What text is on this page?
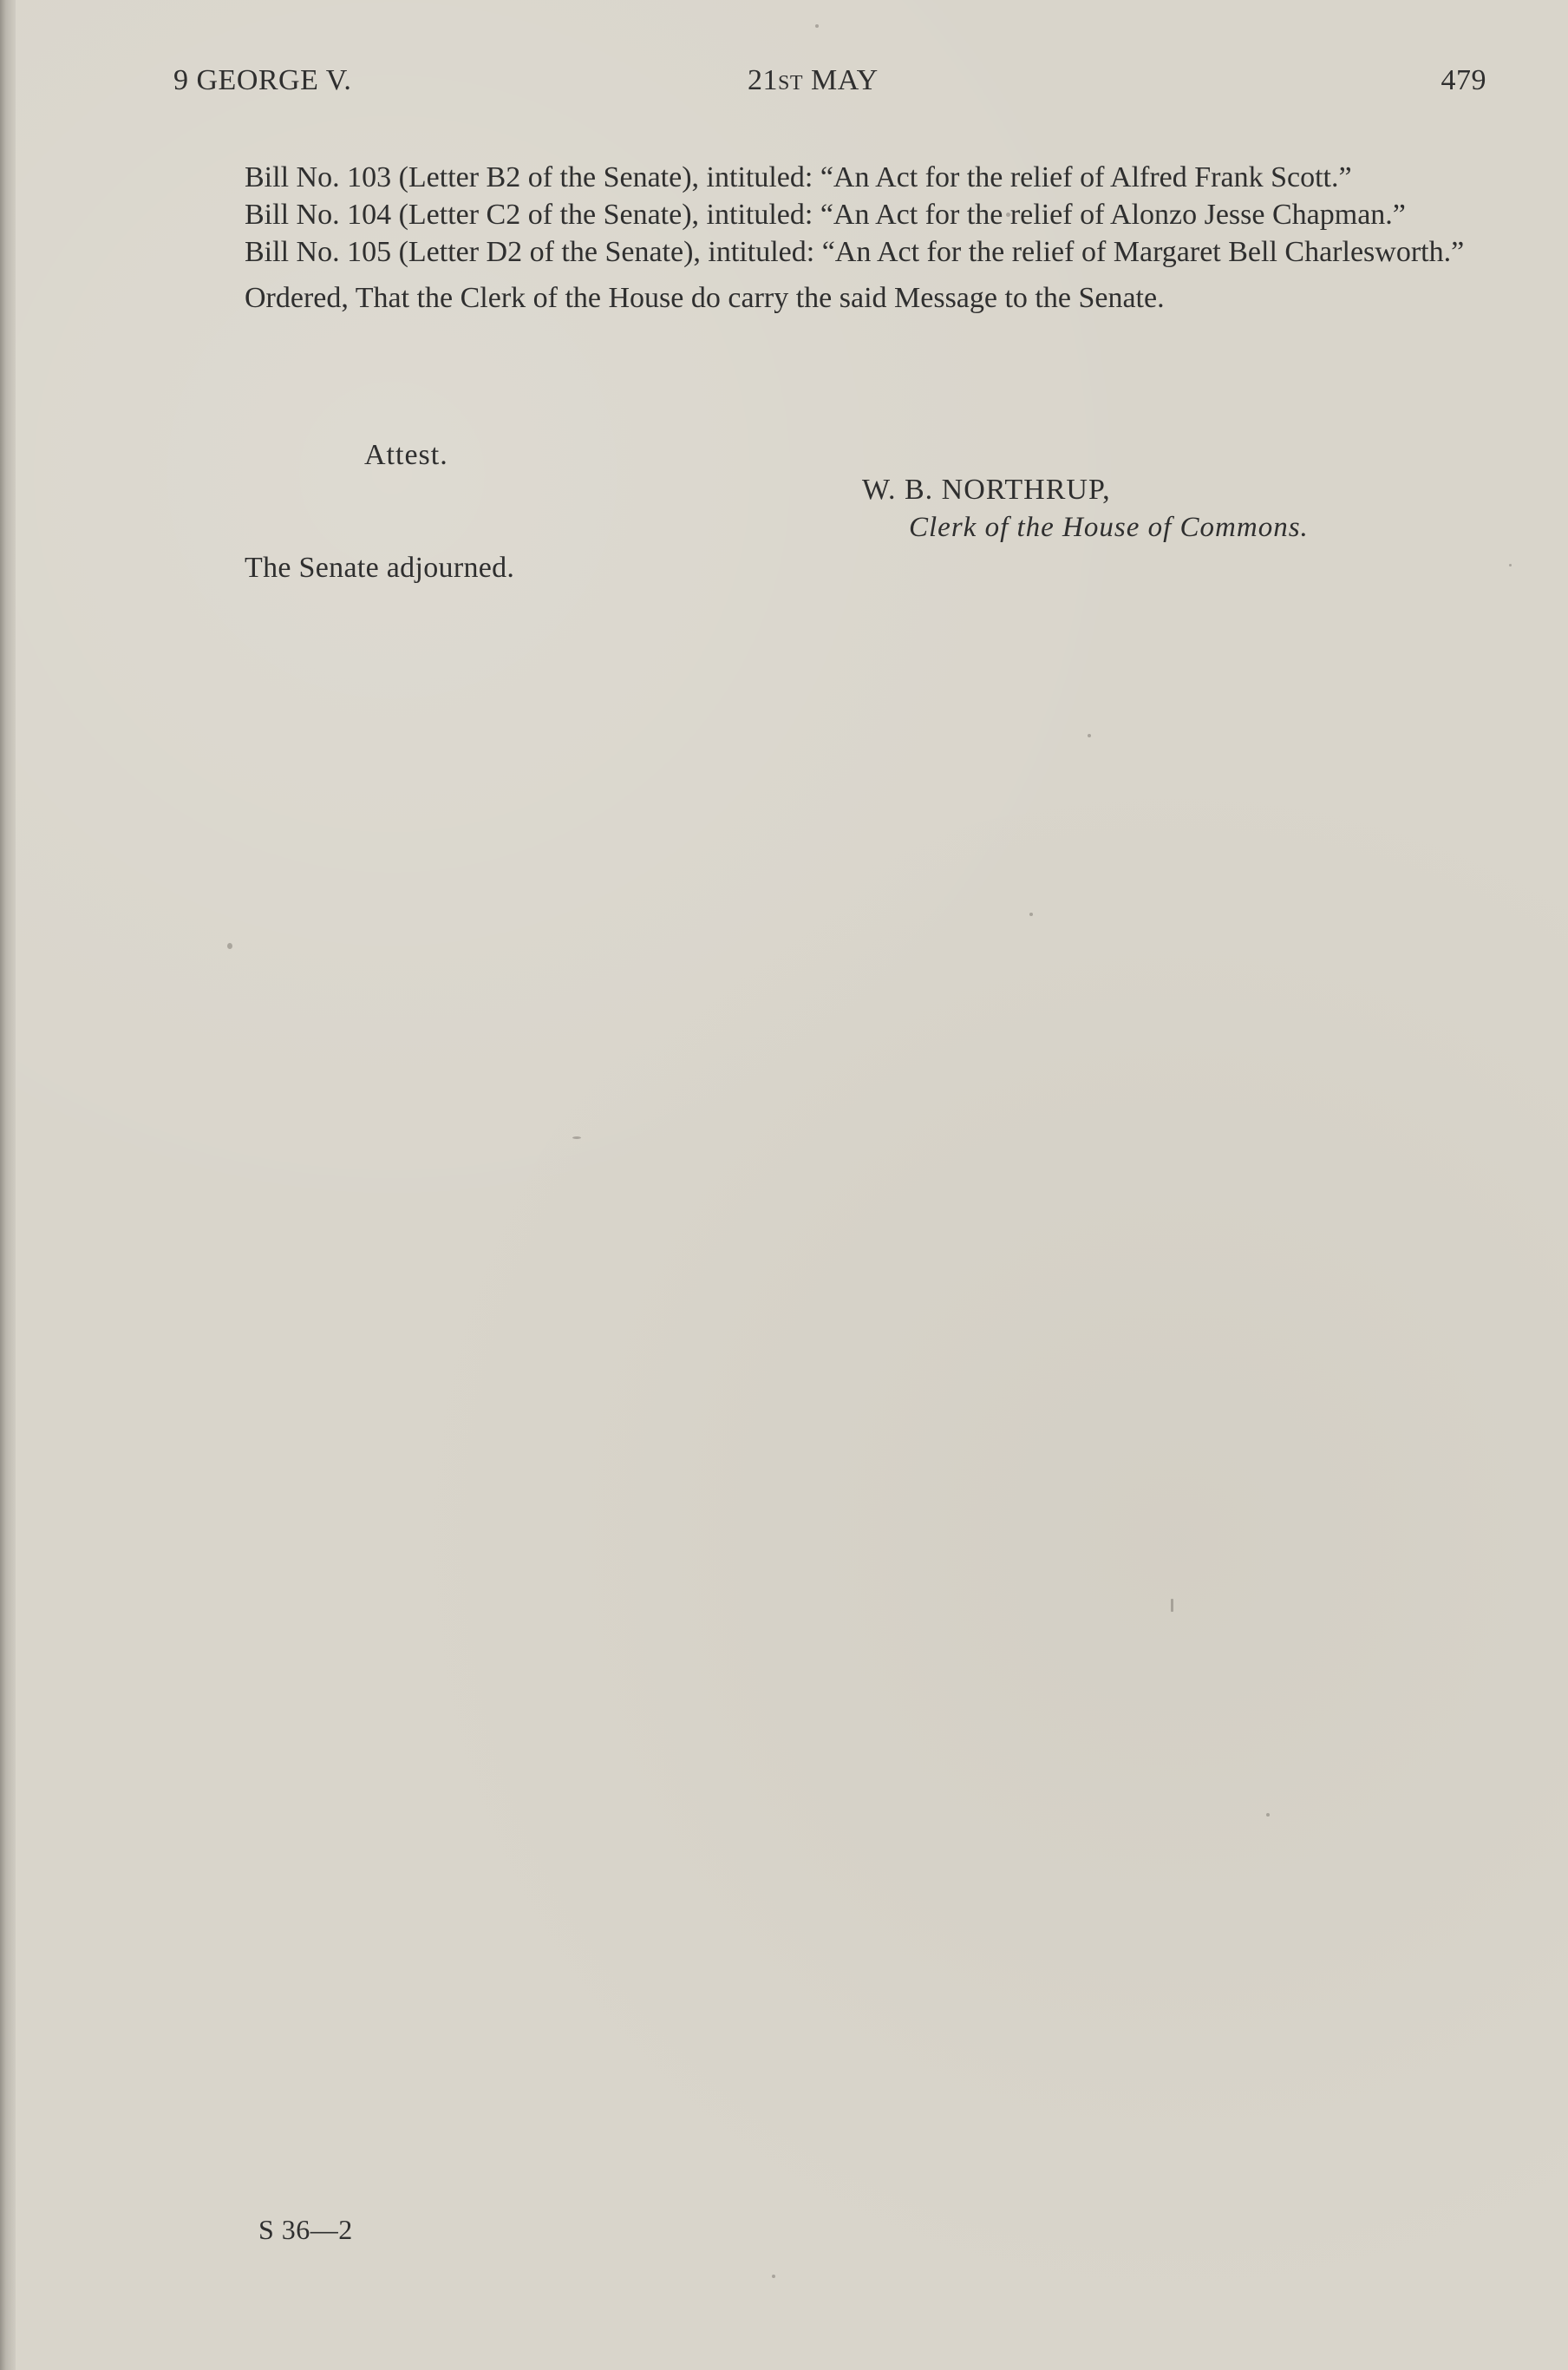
9 GEORGE V.	21st MAY	479

Bill No. 103 (Letter B2 of the Senate), intituled: “An Act for the relief of Alfred Frank Scott.”

Bill No. 104 (Letter C2 of the Senate), intituled: “An Act for the relief of Alonzo Jesse Chapman.”

Bill No. 105 (Letter D2 of the Senate), intituled: “An Act for the relief of Margaret Bell Charlesworth.”

Ordered, That the Clerk of the House do carry the said Message to the Senate.

Attest.
W. B. NORTHRUP,
Clerk of the House of Commons.
The Senate adjourned.
S 36—2
